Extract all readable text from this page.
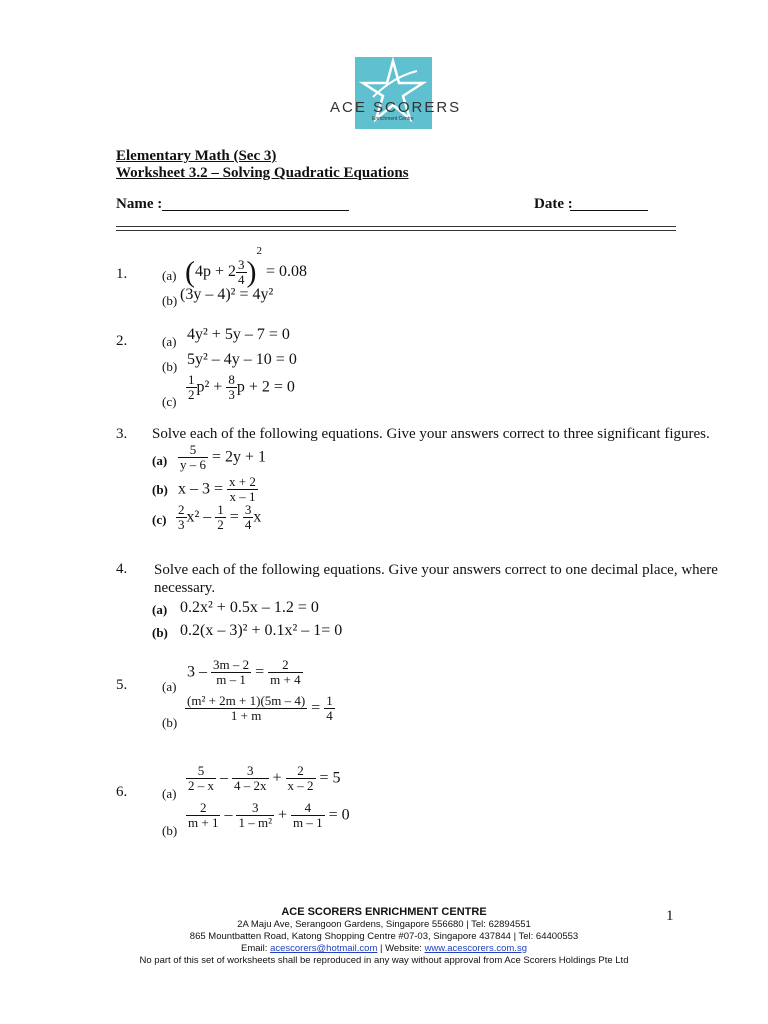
ACE SCORERS
Enrichment Centre
Elementary Math (Sec 3)
Worksheet 3.2 – Solving Quadratic Equations
Name :	Date :
1.	(a) $(4p + 2 \frac{3}{4} )^2 = 0.08$
(b) (3y – 4)² = 4y²
2.	(a) 4y² + 5y – 7 = 0
(b) 5y² – 4y – 10 = 0
$(c) \frac{1}{2} p^2 + \frac{8}{3}$ p + 2 = 0
3. Solve each of the following equations. Give your answers correct to three significant figures.
$(a) \frac{5}{y - 6} = 2y + 1$
(b) $x - 3 = \frac{x + 2}{x - 1}$
$(c) \frac{2}{3} x^2 - \frac{1}{2} = \frac{3}{4}$ x
4. Solve each of the following equations. Give your answers correct to one decimal place, where
necessary.
(a) 0.2x² + 0.5x – 1.2 = 0
(b) 0.2(x – 3)² + 0.1x² – 1= 0
5.	(a)
$3 - \frac{3m - 2}{m - 1} = \frac{2}{m + 4}$
$(b) \frac{\text{(m² + 2m + 1)(5m – 4)}}{1 + m} = \frac{1}{4}$
6.	$(a) \frac{5}{2 - x} - \frac{3}{4 - 2x} + \frac{2}{x - 2} = 5$
$(b) \frac{2}{m + 1} - \frac{3}{\text{1 – m²}} + \frac{4}{m - 1} = 0$
ACE SCORERS ENRICHMENT CENTRE
2A Maju Ave, Serangoon Gardens, Singapore 556680 | Tel: 62894551
865 Mountbatten Road, Katong Shopping Centre #07-03, Singapore 437844 | Tel: 64400553
Email: acescorers@hotmail.com | Website: www.acescorers.com.sg
No part of this set of worksheets shall be reproduced in any way without approval from Ace Scorers Holdings Pte Ltd
1
